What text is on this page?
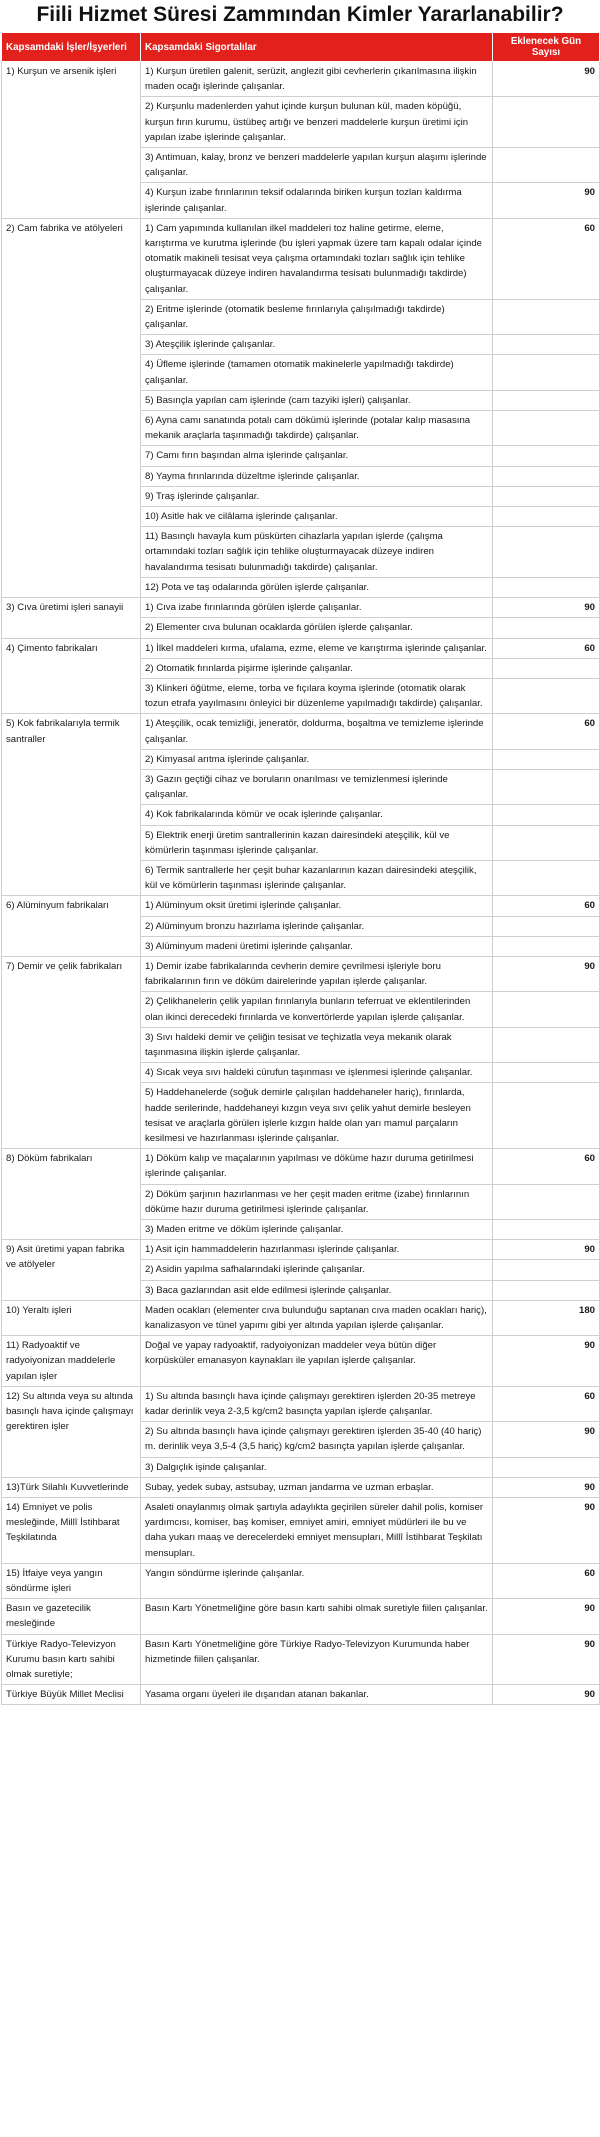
Fiili Hizmet Süresi Zammından Kimler Yararlanabilir?
Kapsamdaki İşler/İşyerleri	Kapsamdaki Sigortalılar	Eklenecek Gün Sayısı
1) Kurşun ve arsenik işleri	1) Kurşun üretilen galenit, serüzit, anglezit gibi cevherlerin çıkarılmasına ilişkin maden ocağı işlerinde çalışanlar.	90
	2) Kurşunlu madenlerden yahut içinde kurşun bulunan kül, maden köpüğü, kurşun fırın kurumu, üstübeç artığı ve benzeri maddelerle kurşun üretimi için yapılan izabe işlerinde çalışanlar.	
	3) Antimuan, kalay, bronz ve benzeri maddelerle yapılan kurşun alaşımı işlerinde çalışanlar.	
	4) Kurşun izabe fırınlarının teksif odalarında biriken kurşun tozları kaldırma işlerinde çalışanlar.	90
2) Cam fabrika ve atölyeleri	1) Cam yapımında kullanılan ilkel maddeleri toz haline getirme, eleme, karıştırma ve kurutma işlerinde (bu işleri yapmak üzere tam kapalı odalar içinde otomatik makineli tesisat veya çalışma ortamındaki tozları sağlık için tehlike oluşturmayacak düzeye indiren havalandırma tesisatı bulunmadığı takdirde) çalışanlar.	60
	2) Eritme işlerinde (otomatik besleme fırınlarıyla çalışılmadığı takdirde) çalışanlar.	
	3) Ateşçilik işlerinde çalışanlar.	
	4) Üfleme işlerinde (tamamen otomatik makinelerle yapılmadığı takdirde) çalışanlar.	
	5) Basınçla yapılan cam işlerinde (cam tazyiki işleri) çalışanlar.	
	6) Ayna camı sanatında potalı cam dökümü işlerinde (potalar kalıp masasına mekanik araçlarla taşınmadığı takdirde) çalışanlar.	
	7) Camı fırın başından alma işlerinde çalışanlar.	
	8) Yayma fırınlarında düzeltme işlerinde çalışanlar.	
	9) Traş işlerinde çalışanlar.	
	10) Asitle hak ve cilâlama işlerinde çalışanlar.	
	11) Basınçlı havayla kum püskürten cihazlarla yapılan işlerde (çalışma ortamındaki tozları sağlık için tehlike oluşturmayacak düzeye indiren havalandırma tesisatı bulunmadığı takdirde) çalışanlar.	
	12) Pota ve taş odalarında görülen işlerde çalışanlar.	
3) Cıva üretimi işleri sanayii	1) Cıva izabe fırınlarında görülen işlerde çalışanlar.	90
	2) Elementer cıva bulunan ocaklarda görülen işlerde çalışanlar.	
4) Çimento fabrikaları	1) İlkel maddeleri kırma, ufalama, ezme, eleme ve karıştırma işlerinde çalışanlar.	60
	2) Otomatik fırınlarda pişirme işlerinde çalışanlar.	
	3) Klinkeri öğütme, eleme, torba ve fıçılara koyma işlerinde (otomatik olarak tozun etrafa yayılmasını önleyici bir düzenleme yapılmadığı takdirde) çalışanlar.	
5) Kok fabrikalarıyla termik santraller	1) Ateşçilik, ocak temizliği, jeneratör, doldurma, boşaltma ve temizleme işlerinde çalışanlar.	60
	2) Kimyasal arıtma işlerinde çalışanlar.	
	3) Gazın geçtiği cihaz ve boruların onarılması ve temizlenmesi işlerinde çalışanlar.	
	4) Kok fabrikalarında kömür ve ocak işlerinde çalışanlar.	
	5) Elektrik enerji üretim santrallerinin kazan dairesindeki ateşçilik, kül ve kömürlerin taşınması işlerinde çalışanlar.	
	6) Termik santrallerle her çeşit buhar kazanlarının kazan dairesindeki ateşçilik, kül ve kömürlerin taşınması işlerinde çalışanlar.	
6) Alüminyum fabrikaları	1) Alüminyum oksit üretimi işlerinde çalışanlar.	60
	2) Alüminyum bronzu hazırlama işlerinde çalışanlar.	
	3) Alüminyum madeni üretimi işlerinde çalışanlar.	
7) Demir ve çelik fabrikaları	1) Demir izabe fabrikalarında cevherin demire çevrilmesi işleriyle boru fabrikalarının fırın ve döküm dairelerinde yapılan işlerde çalışanlar.	90
	2) Çelikhanelerin çelik yapılan fırınlarıyla bunların teferruat ve eklentilerinden olan ikinci derecedeki fırınlarda ve konvertörlerde yapılan işlerde çalışanlar.	
	3) Sıvı haldeki demir ve çeliğin tesisat ve teçhizatla veya mekanik olarak taşınmasına ilişkin işlerde çalışanlar.	
	4) Sıcak veya sıvı haldeki cürufun taşınması ve işlenmesi işlerinde çalışanlar.	
	5) Haddehanelerde (soğuk demirle çalışılan haddehaneler hariç), fırınlarda, hadde serilerinde, haddehaneyi kızgın veya sıvı çelik yahut demirle besleyen tesisat ve araçlarla görülen işlerle kızgın halde olan yarı mamul parçaların kesilmesi ve hazırlanması işlerinde çalışanlar.	
8) Döküm fabrikaları	1) Döküm kalıp ve maçalarının yapılması ve döküme hazır duruma getirilmesi işlerinde çalışanlar.	60
	2) Döküm şarjının hazırlanması ve her çeşit maden eritme (izabe) fırınlarının döküme hazır duruma getirilmesi işlerinde çalışanlar.	
	3) Maden eritme ve döküm işlerinde çalışanlar.	
9) Asit üretimi yapan fabrika ve atölyeler	1) Asit için hammaddelerin hazırlanması işlerinde çalışanlar.	90
	2) Asidin yapılma safhalarındaki işlerinde çalışanlar.	
	3) Baca gazlarından asit elde edilmesi işlerinde çalışanlar.	
10) Yeraltı işleri	Maden ocakları (elementer cıva bulunduğu saptanan cıva maden ocakları hariç), kanalizasyon ve tünel yapımı gibi yer altında yapılan işlerde çalışanlar.	180
11) Radyoaktif ve radyoiyonizan maddelerle yapılan işler	Doğal ve yapay radyoaktif, radyoiyonizan maddeler veya bütün diğer korpüsküler emanasyon kaynakları ile yapılan işlerde çalışanlar.	90
12) Su altında veya su altında basınçlı hava içinde çalışmayı gerektiren işler	1) Su altında basınçlı hava içinde çalışmayı gerektiren işlerden 20-35 metreye kadar derinlik veya 2-3,5 kg/cm2 basınçta yapılan işlerde çalışanlar.	60
	2) Su altında basınçlı hava içinde çalışmayı gerektiren işlerden 35-40 (40 hariç) m. derinlik veya 3,5-4 (3,5 hariç) kg/cm2 basınçta yapılan işlerde çalışanlar.	90
	3) Dalgıçlık işinde çalışanlar.	
13)Türk Silahlı Kuvvetlerinde	Subay, yedek subay, astsubay, uzman jandarma ve uzman erbaşlar.	90
14) Emniyet ve polis mesleğinde, Millî İstihbarat Teşkilatında	Asaleti onaylanmış olmak şartıyla adaylıkta geçirilen süreler dahil polis, komiser yardımcısı, komiser, baş komiser, emniyet amiri, emniyet müdürleri ile bu ve daha yukarı maaş ve derecelerdeki emniyet mensupları, Millî İstihbarat Teşkilatı mensupları.	90
15) İtfaiye veya yangın söndürme işleri	Yangın söndürme işlerinde çalışanlar.	60
Basın ve gazetecilik mesleğinde	Basın Kartı Yönetmeliğine göre basın kartı sahibi olmak suretiyle fiilen çalışanlar.	90
Türkiye Radyo-Televizyon Kurumu basın kartı sahibi olmak suretiyle;	Basın Kartı Yönetmeliğine göre Türkiye Radyo-Televizyon Kurumunda haber hizmetinde fiilen çalışanlar.	90
Türkiye Büyük Millet Meclisi	Yasama organı üyeleri ile dışarıdan atanan bakanlar.	90
